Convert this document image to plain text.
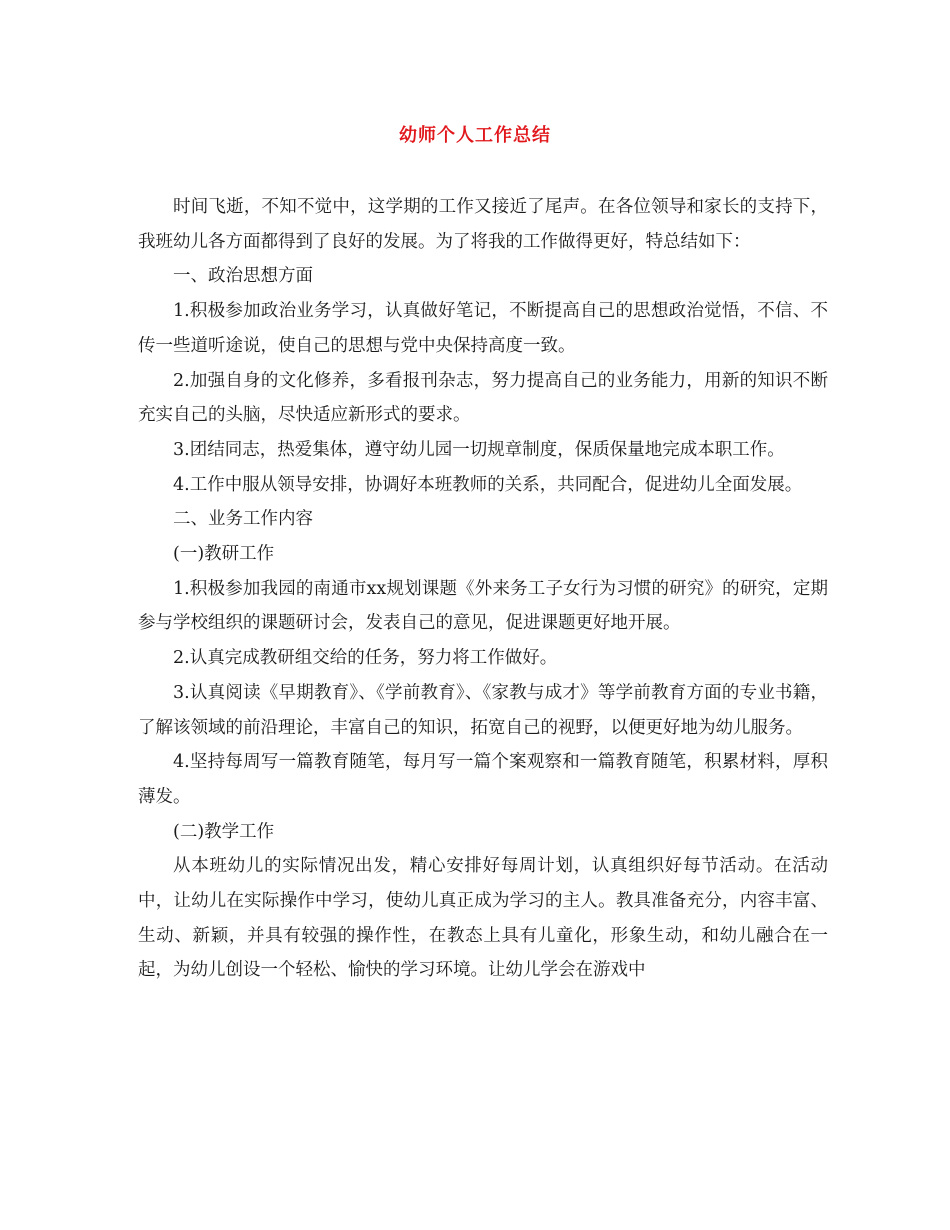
幼师个人工作总结

时间飞逝，不知不觉中，这学期的工作又接近了尾声。在各位领导和家长的支持下，我班幼儿各方面都得到了良好的发展。为了将我的工作做得更好，特总结如下：

一、政治思想方面

1.积极参加政治业务学习，认真做好笔记，不断提高自己的思想政治觉悟，不信、不传一些道听途说，使自己的思想与党中央保持高度一致。

2.加强自身的文化修养，多看报刊杂志，努力提高自己的业务能力，用新的知识不断充实自己的头脑，尽快适应新形式的要求。

3.团结同志，热爱集体，遵守幼儿园一切规章制度，保质保量地完成本职工作。

4.工作中服从领导安排，协调好本班教师的关系，共同配合，促进幼儿全面发展。

二、业务工作内容

(一)教研工作

1.积极参加我园的南通市xx规划课题《外来务工子女行为习惯的研究》的研究，定期参与学校组织的课题研讨会，发表自己的意见，促进课题更好地开展。

2.认真完成教研组交给的任务，努力将工作做好。

3.认真阅读《早期教育》、《学前教育》、《家教与成才》等学前教育方面的专业书籍，了解该领域的前沿理论，丰富自己的知识，拓宽自己的视野，以便更好地为幼儿服务。

4.坚持每周写一篇教育随笔，每月写一篇个案观察和一篇教育随笔，积累材料，厚积薄发。

(二)教学工作

从本班幼儿的实际情况出发，精心安排好每周计划，认真组织好每节活动。在活动中，让幼儿在实际操作中学习，使幼儿真正成为学习的主人。教具准备充分，内容丰富、生动、新颖，并具有较强的操作性，在教态上具有儿童化，形象生动，和幼儿融合在一起，为幼儿创设一个轻松、愉快的学习环境。让幼儿学会在游戏中
